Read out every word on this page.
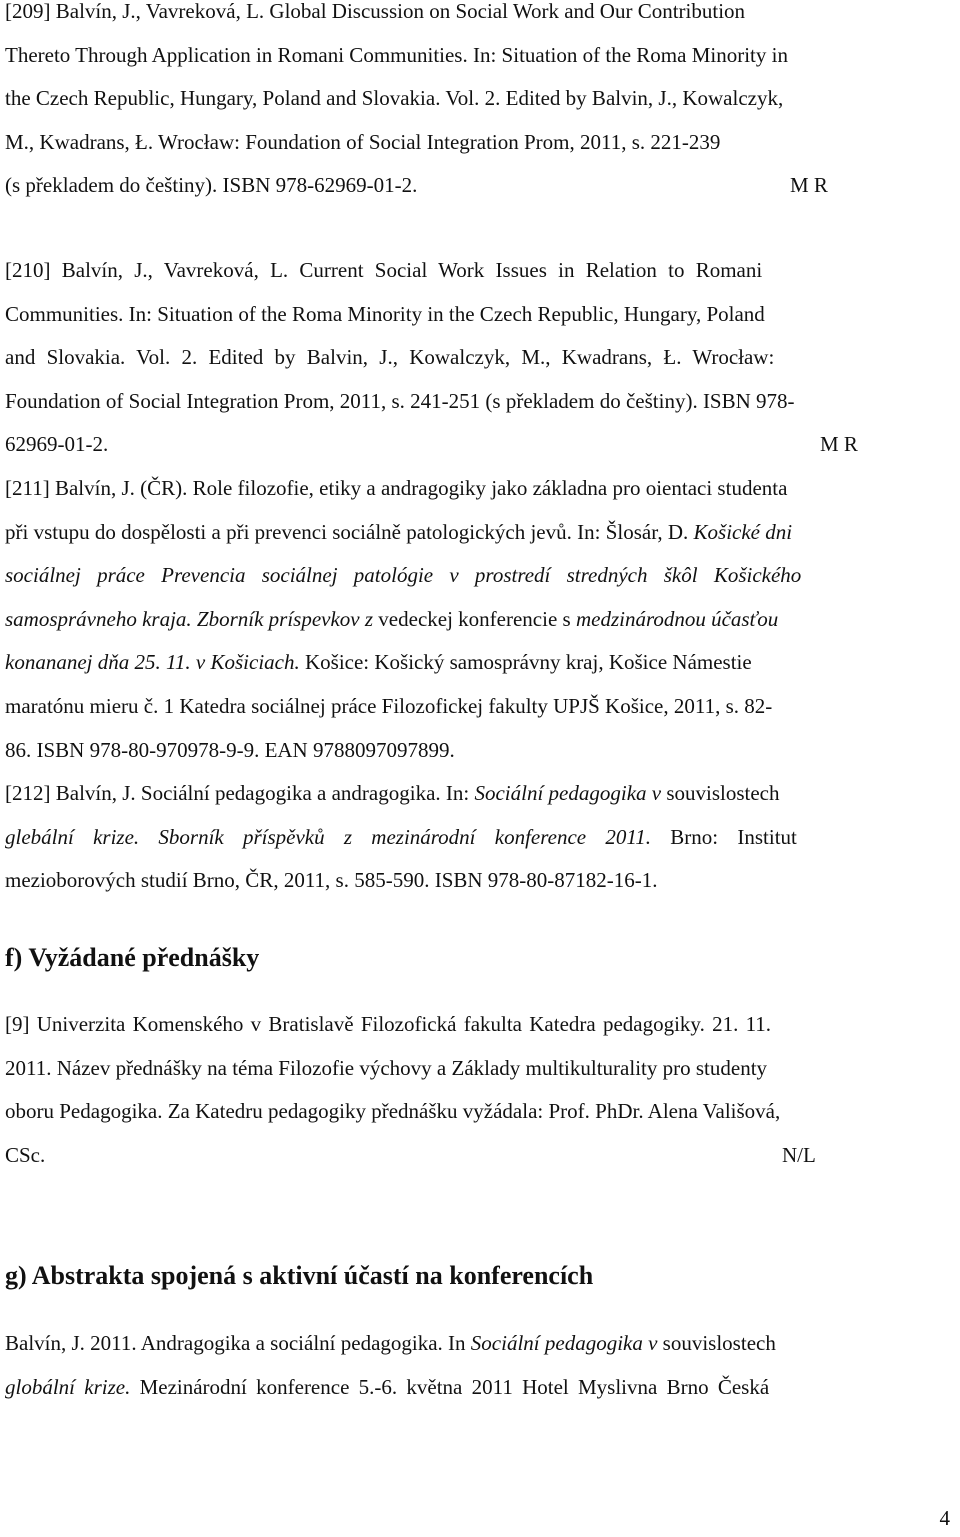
[209] Balvín, J., Vavreková, L. Global Discussion on Social Work and Our Contribution
Thereto Through Application in Romani Communities. In: Situation of the Roma Minority in
the Czech Republic, Hungary, Poland and Slovakia. Vol. 2. Edited by Balvin, J., Kowalczyk,
M., Kwadrans, Ł. Wrocław: Foundation of Social Integration Prom, 2011, s. 221-239
(s překladem do češtiny). ISBN 978-62969-01-2.	M R
[210] Balvín, J., Vavreková, L. Current Social Work Issues in Relation to Romani
Communities. In: Situation of the Roma Minority in the Czech Republic, Hungary, Poland
and Slovakia. Vol. 2. Edited by Balvin, J., Kowalczyk, M., Kwadrans, Ł. Wrocław:
Foundation of Social Integration Prom, 2011, s. 241-251 (s překladem do češtiny). ISBN 978-
62969-01-2.	M R
[211] Balvín, J. (ČR). Role filozofie, etiky a andragogiky jako základna pro oientaci studenta
při vstupu do dospělosti a při prevenci sociálně patologických jevů. In: Šlosár, D. Košické dni
sociálnej práce Prevencia sociálnej patológie v prostredí stredných škôl Košického
samosprávneho kraja. Zborník príspevkov z vedeckej konferencie s medzinárodnou účasťou
konananej dňa 25. 11. v Košiciach. Košice: Košický samosprávny kraj, Košice Námestie
maratónu mieru č. 1 Katedra sociálnej práce Filozofickej fakulty UPJŠ Košice, 2011, s. 82-
86. ISBN 978-80-970978-9-9. EAN 9788097097899.
[212] Balvín, J. Sociální pedagogika a andragogika. In: Sociální pedagogika v souvislostech
glebální krize. Sborník příspěvků z mezinárodní konference 2011. Brno: Institut
mezioborových studií Brno, ČR, 2011, s. 585-590. ISBN 978-80-87182-16-1.
f) Vyžádané přednášky
[9] Univerzita Komenského v Bratislavě Filozofická fakulta Katedra pedagogiky. 21. 11.
2011. Název přednášky na téma Filozofie výchovy a Základy multikulturality pro studenty
oboru Pedagogika. Za Katedru pedagogiky přednášku vyžádala: Prof. PhDr. Alena Vališová,
CSc.	N/L
g) Abstrakta spojená s aktivní účastí na konferencích
Balvín, J. 2011. Andragogika a sociální pedagogika. In Sociální pedagogika v souvislostech
globální krize. Mezinárodní konference 5.-6. května 2011 Hotel Myslivna Brno Česká
4
